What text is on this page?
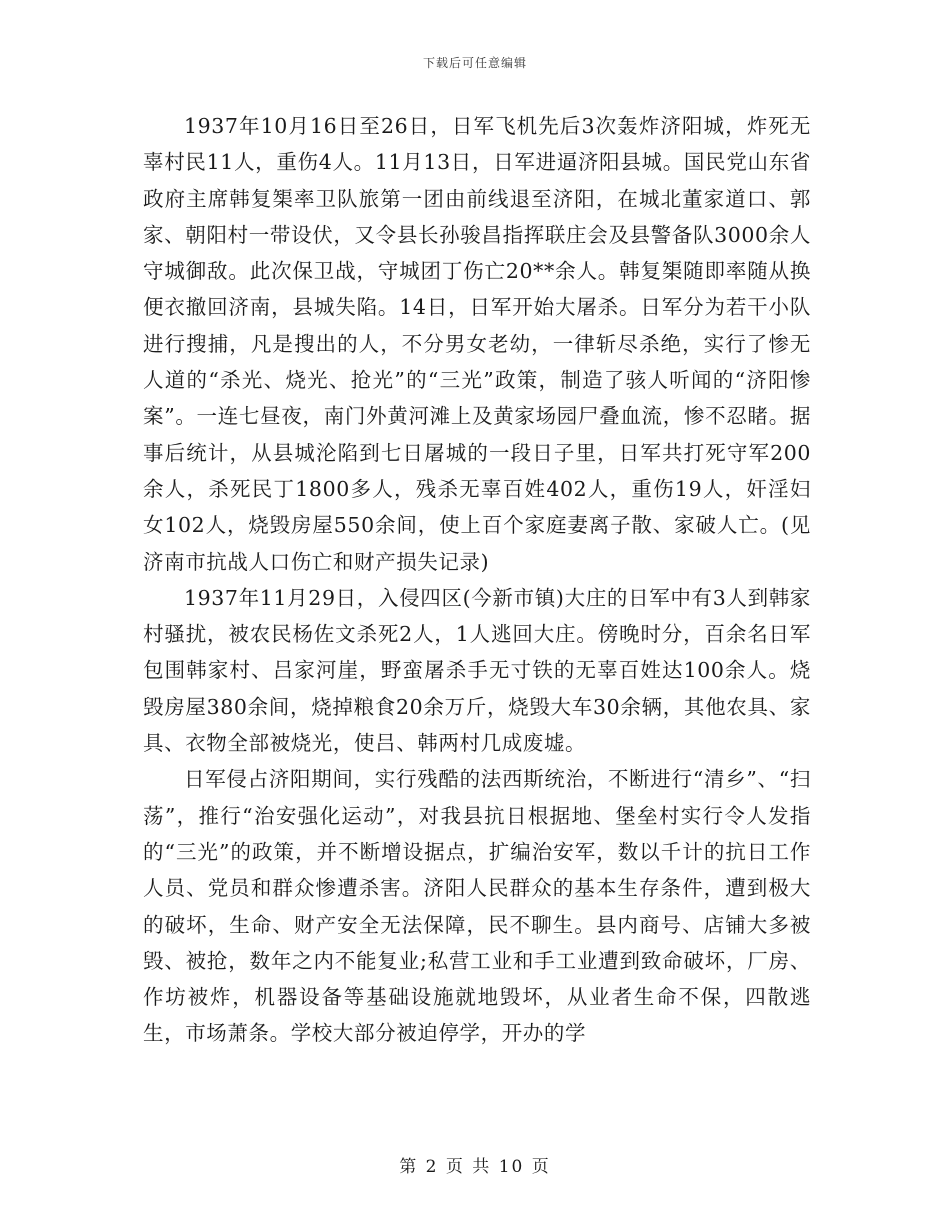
下载后可任意编辑

1937年10月16日至26日，日军飞机先后3次轰炸济阳城，炸死无辜村民11人，重伤4人。11月13日，日军进逼济阳县城。国民党山东省政府主席韩复榘率卫队旅第一团由前线退至济阳，在城北董家道口、郭家、朝阳村一带设伏，又令县长孙骏昌指挥联庄会及县警备队3000余人守城御敌。此次保卫战，守城团丁伤亡20**余人。韩复榘随即率随从换便衣撤回济南，县城失陷。14日，日军开始大屠杀。日军分为若干小队进行搜捕，凡是搜出的人，不分男女老幼，一律斩尽杀绝，实行了惨无人道的“杀光、烧光、抢光”的“三光”政策，制造了骇人听闻的“济阳惨案”。一连七昼夜，南门外黄河滩上及黄家场园尸叠血流，惨不忍睹。据事后统计，从县城沦陷到七日屠城的一段日子里，日军共打死守军200余人，杀死民丁1800多人，残杀无辜百姓402人，重伤19人，奸淫妇女102人，烧毁房屋550余间，使上百个家庭妻离子散、家破人亡。(见济南市抗战人口伤亡和财产损失记录)

1937年11月29日，入侵四区(今新市镇)大庄的日军中有3人到韩家村骚扰，被农民杨佐文杀死2人，1人逃回大庄。傍晚时分，百余名日军包围韩家村、吕家河崖，野蛮屠杀手无寸铁的无辜百姓达100余人。烧毁房屋380余间，烧掉粮食20余万斤，烧毁大车30余辆，其他农具、家具、衣物全部被烧光，使吕、韩两村几成废墟。

日军侵占济阳期间，实行残酷的法西斯统治，不断进行“清乡”、“扫荡”，推行“治安强化运动”，对我县抗日根据地、堡垒村实行令人发指的“三光”的政策，并不断增设据点，扩编治安军，数以千计的抗日工作人员、党员和群众惨遭杀害。济阳人民群众的基本生存条件，遭到极大的破坏，生命、财产安全无法保障，民不聊生。县内商号、店铺大多被毁、被抢，数年之内不能复业;私营工业和手工业遭到致命破坏，厂房、作坊被炸，机器设备等基础设施就地毁坏，从业者生命不保，四散逃生，市场萧条。学校大部分被迫停学，开办的学

第 2 页 共 10 页
